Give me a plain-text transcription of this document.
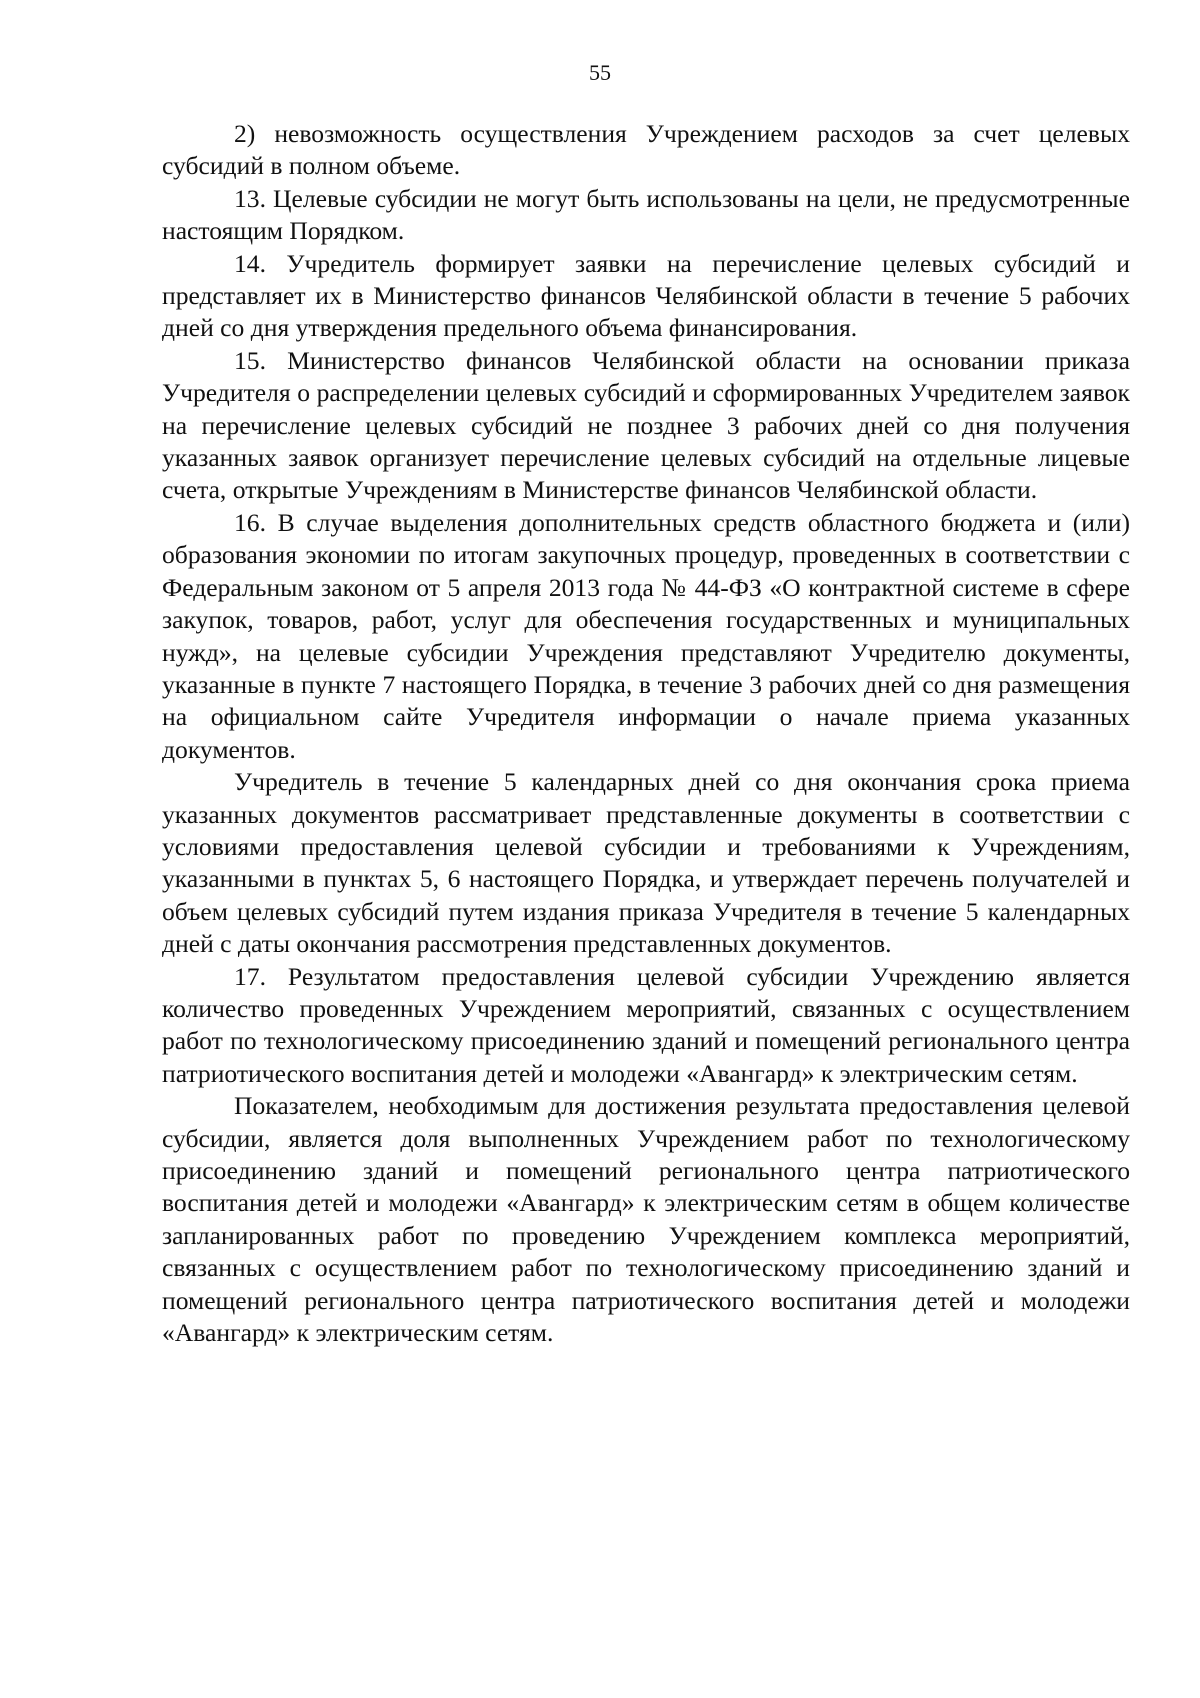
55

2) невозможность осуществления Учреждением расходов за счет целевых субсидий в полном объеме.

13. Целевые субсидии не могут быть использованы на цели, не предусмотренные настоящим Порядком.

14. Учредитель формирует заявки на перечисление целевых субсидий и представляет их в Министерство финансов Челябинской области в течение 5 рабочих дней со дня утверждения предельного объема финансирования.

15. Министерство финансов Челябинской области на основании приказа Учредителя о распределении целевых субсидий и сформированных Учредителем заявок на перечисление целевых субсидий не позднее 3 рабочих дней со дня получения указанных заявок организует перечисление целевых субсидий на отдельные лицевые счета, открытые Учреждениям в Министерстве финансов Челябинской области.

16. В случае выделения дополнительных средств областного бюджета и (или) образования экономии по итогам закупочных процедур, проведенных в соответствии с Федеральным законом от 5 апреля 2013 года № 44-ФЗ «О контрактной системе в сфере закупок, товаров, работ, услуг для обеспечения государственных и муниципальных нужд», на целевые субсидии Учреждения представляют Учредителю документы, указанные в пункте 7 настоящего Порядка, в течение 3 рабочих дней со дня размещения на официальном сайте Учредителя информации о начале приема указанных документов.

Учредитель в течение 5 календарных дней со дня окончания срока приема указанных документов рассматривает представленные документы в соответствии с условиями предоставления целевой субсидии и требованиями к Учреждениям, указанными в пунктах 5, 6 настоящего Порядка, и утверждает перечень получателей и объем целевых субсидий путем издания приказа Учредителя в течение 5 календарных дней с даты окончания рассмотрения представленных документов.

17. Результатом предоставления целевой субсидии Учреждению является количество проведенных Учреждением мероприятий, связанных с осуществлением работ по технологическому присоединению зданий и помещений регионального центра патриотического воспитания детей и молодежи «Авангард» к электрическим сетям.

Показателем, необходимым для достижения результата предоставления целевой субсидии, является доля выполненных Учреждением работ по технологическому присоединению зданий и помещений регионального центра патриотического воспитания детей и молодежи «Авангард» к электрическим сетям в общем количестве запланированных работ по проведению Учреждением комплекса мероприятий, связанных с осуществлением работ по технологическому присоединению зданий и помещений регионального центра патриотического воспитания детей и молодежи «Авангард» к электрическим сетям.
